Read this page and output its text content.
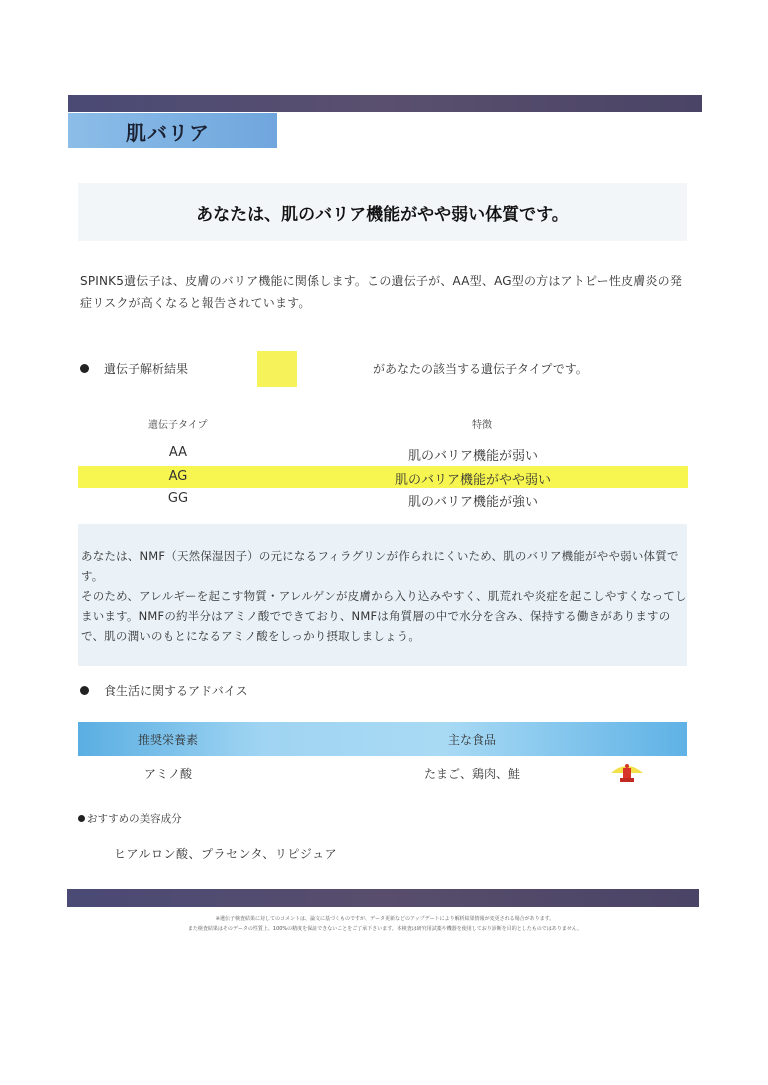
肌バリア
あなたは、肌のバリア機能がやや弱い体質です。
SPINK5遺伝子は、皮膚のバリア機能に関係します。この遺伝子が、AA型、AG型の方はアトピー性皮膚炎の発症リスクが高くなると報告されています。
遺伝子解析結果	があなたの該当する遺伝子タイプです。
遺伝子タイプ	特徴
AA	肌のバリア機能が弱い
AG	肌のバリア機能がやや弱い
GG	肌のバリア機能が強い

あなたは、NMF（天然保湿因子）の元になるフィラグリンが作られにくいため、肌のバリア機能がやや弱い体質です。
そのため、アレルギーを起こす物質・アレルゲンが皮膚から入り込みやすく、肌荒れや炎症を起こしやすくなってしまいます。NMFの約半分はアミノ酸でできており、NMFは角質層の中で水分を含み、保持する働きがありますので、肌の潤いのもとになるアミノ酸をしっかり摂取しましょう。

食生活に関するアドバイス
推奨栄養素	主な食品
アミノ酸	たまご、鶏肉、鮭
おすすめの美容成分
ヒアルロン酸、プラセンタ、リピジュア
※遺伝子検査結果に対してのコメントは、論文に基づくものですが、データ更新などのアップデートにより解析結果情報が変更される場合があります。
また検査結果はそのデータの性質上、100%の精度を保証できないことをご了承下さいます。本検査は研究用試薬や機器を使用しており診断を目的としたものではありません。
